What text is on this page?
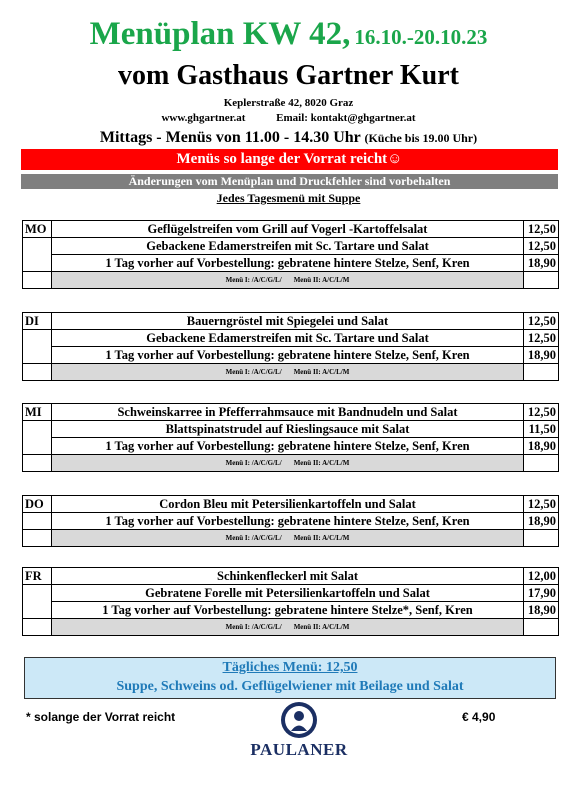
Menüplan KW 42, 16.10.-20.10.23
vom Gasthaus Gartner Kurt
Keplerstraße 42, 8020 Graz
www.ghgartner.at	Email: kontakt@ghgartner.at
Mittags - Menüs von 11.00 - 14.30 Uhr (Küche bis 19.00 Uhr)
Menüs so lange der Vorrat reicht☺
Änderungen vom Menüplan und Druckfehler sind vorbehalten
Jedes Tagesmenü mit Suppe
MO	Geflügelstreifen vom Grill auf Vogerl -Kartoffelsalat	12,50
	Gebackene Edamerstreifen mit Sc. Tartare und Salat	12,50
	1 Tag vorher auf Vorbestellung: gebratene hintere Stelze, Senf, Kren	18,90
	Menü I: /A/C/G/L/ Menü II: A/C/L/M	
DI	Bauerngröstel mit Spiegelei und Salat	12,50
	Gebackene Edamerstreifen mit Sc. Tartare und Salat	12,50
	1 Tag vorher auf Vorbestellung: gebratene hintere Stelze, Senf, Kren	18,90
	Menü I: /A/C/G/L/ Menü II: A/C/L/M	
MI	Schweinskarree in Pfefferrahmsauce mit Bandnudeln und Salat	12,50
	Blattspinatstrudel auf Rieslingsauce mit Salat	11,50
	1 Tag vorher auf Vorbestellung: gebratene hintere Stelze, Senf, Kren	18,90
	Menü I: /A/C/G/L/ Menü II: A/C/L/M	
DO	Cordon Bleu mit Petersilienkartoffeln und Salat	12,50
	1 Tag vorher auf Vorbestellung: gebratene hintere Stelze, Senf, Kren	18,90
	Menü I: /A/C/G/L/ Menü II: A/C/L/M	
FR	Schinkenfleckerl mit Salat	12,00
	Gebratene Forelle mit Petersilienkartoffeln und Salat	17,90
	1 Tag vorher auf Vorbestellung: gebratene hintere Stelze*, Senf, Kren	18,90
	Menü I: /A/C/G/L/ Menü II: A/C/L/M	
Tägliches Menü: 12,50
Suppe, Schweins od. Geflügelwiener mit Beilage und Salat
* solange der Vorrat reicht	€ 4,90
PAULANER
